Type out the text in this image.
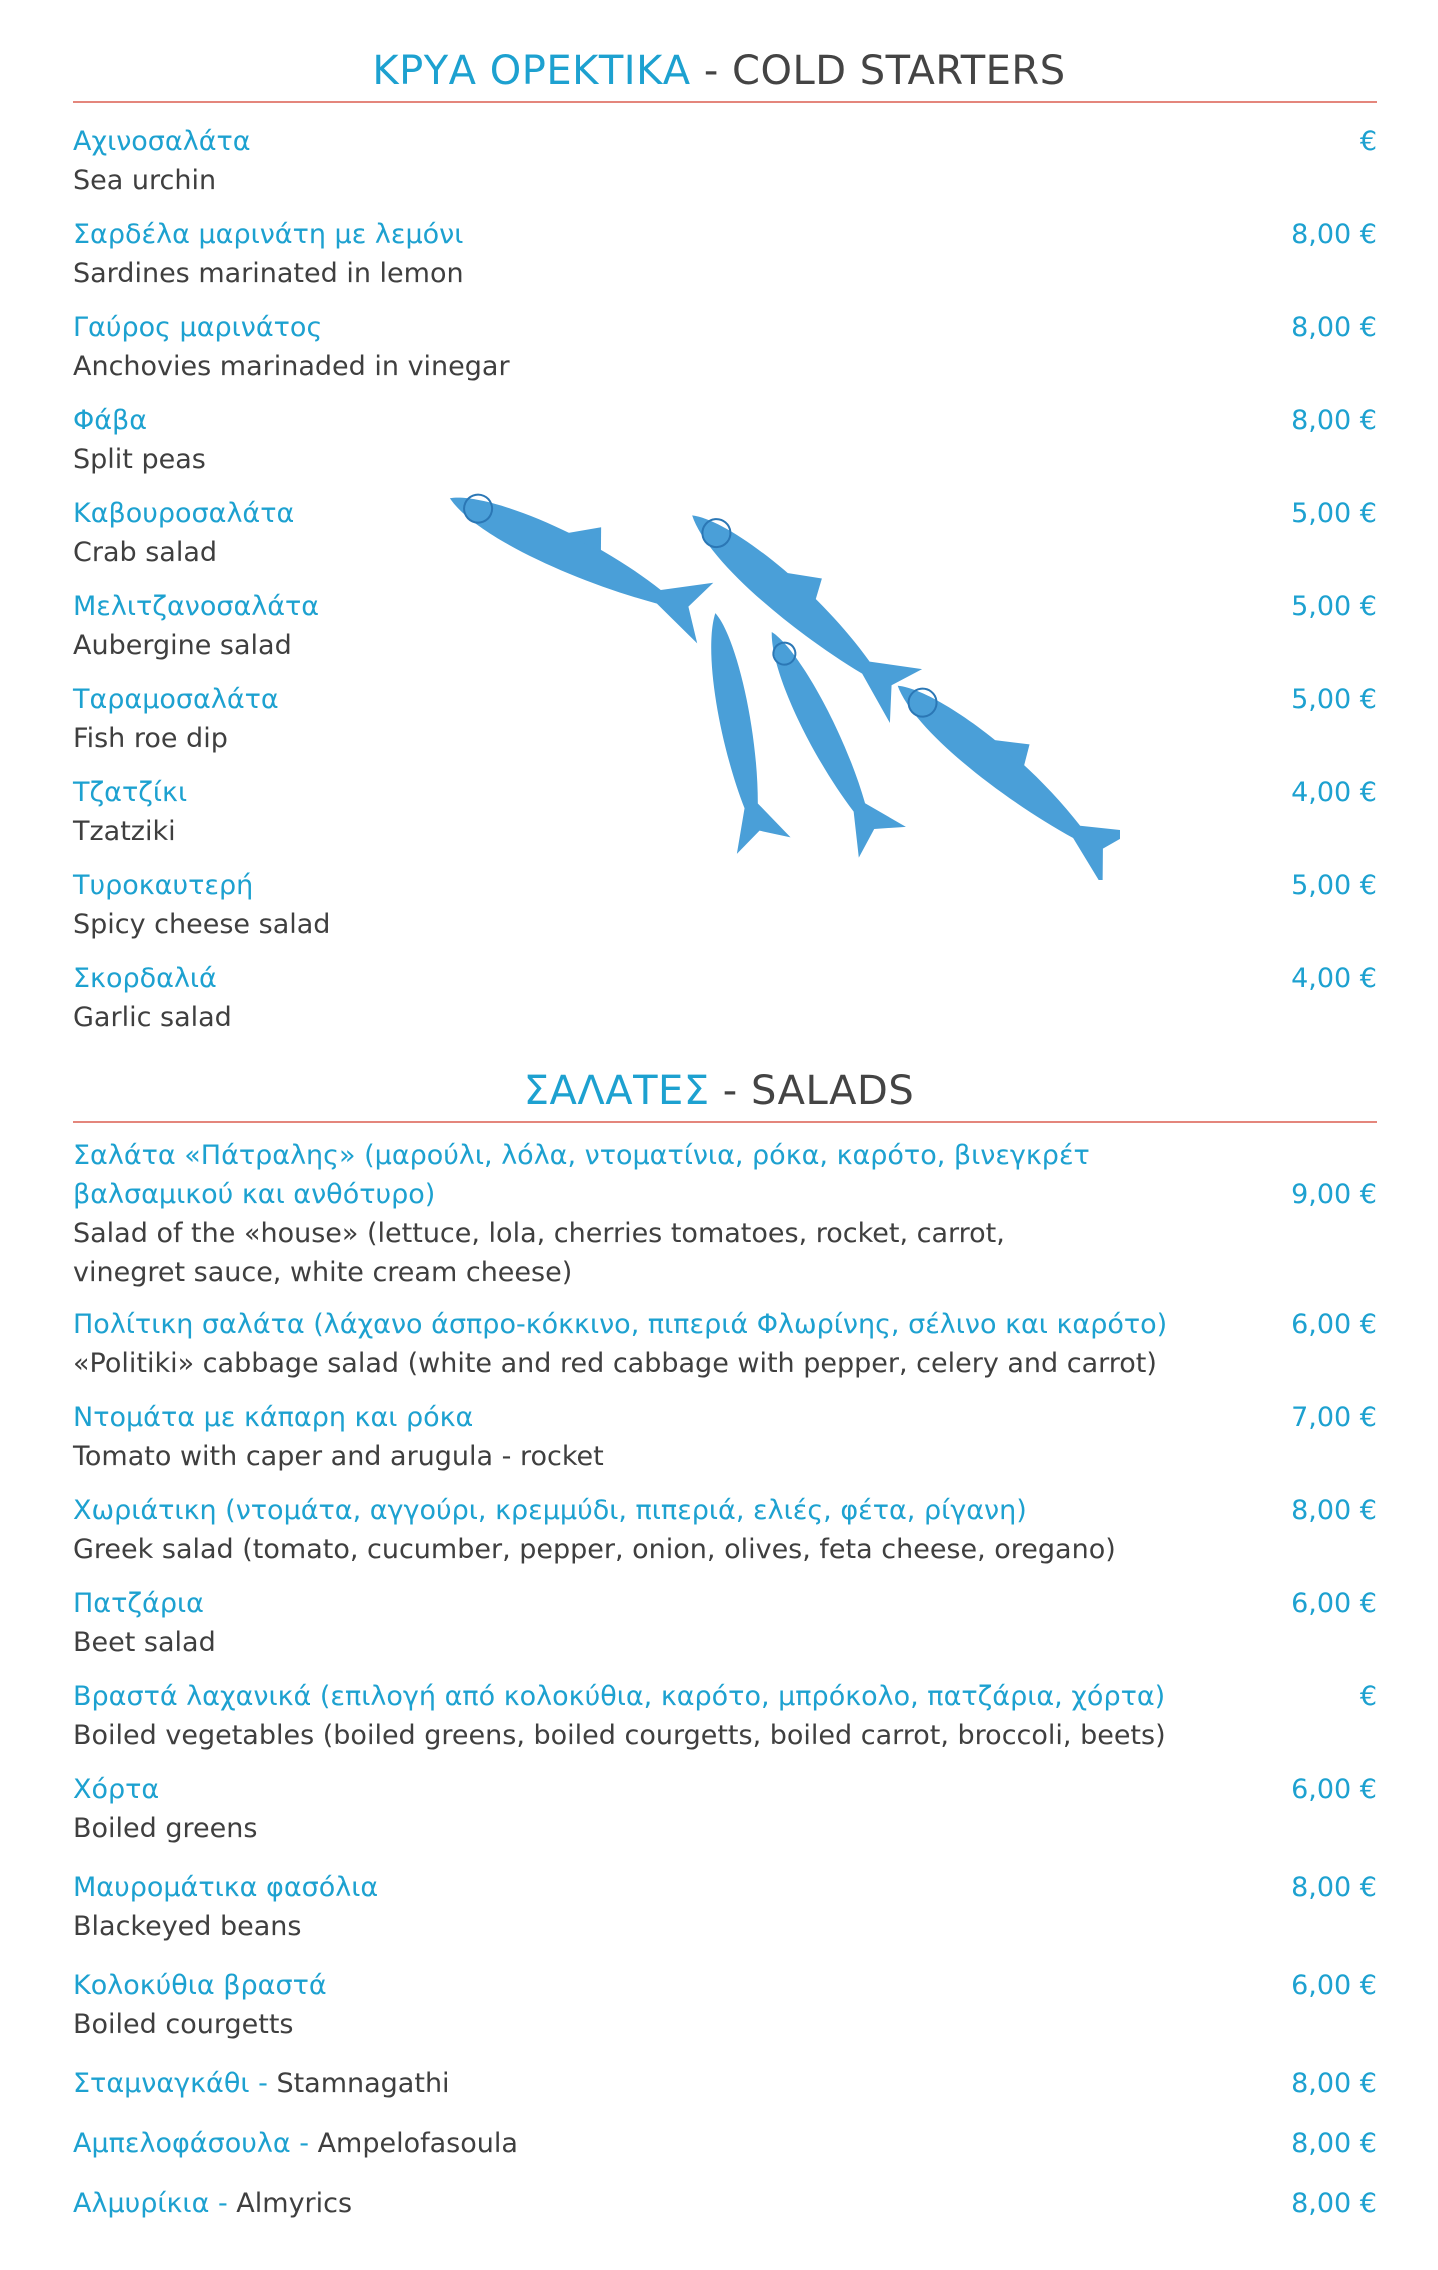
ΚΡΥΑ ΟΡΕΚΤΙΚΑ - COLD STARTERS
Αχινοσαλάτα	€
Sea urchin
Σαρδέλα μαρινάτη με λεμόνι	8,00 €
Sardines marinated in lemon
Γαύρος μαρινάτος	8,00 €
Anchovies marinaded in vinegar
Φάβα	8,00 €
Split peas
Καβουροσαλάτα	5,00 €
Crab salad
Μελιτζανοσαλάτα	5,00 €
Aubergine salad
Ταραμοσαλάτα	5,00 €
Fish roe dip
Τζατζίκι	4,00 €
Tzatziki
Τυροκαυτερή	5,00 €
Spicy cheese salad
Σκορδαλιά	4,00 €
Garlic salad
ΣΑΛΑΤΕΣ - SALADS
Σαλάτα «Πάτραλης» (μαρούλι, λόλα, ντοματίνια, ρόκα, καρότο, βινεγκρέτ
βαλσαμικού και ανθότυρο)	9,00 €
Salad of the «house» (lettuce, lola, cherries tomatoes, rocket, carrot,
vinegret sauce, white cream cheese)
Πολίτικη σαλάτα (λάχανο άσπρο-κόκκινο, πιπεριά Φλωρίνης, σέλινο και καρότο)	6,00 €
«Politiki» cabbage salad (white and red cabbage with pepper, celery and carrot)
Ντομάτα με κάπαρη και ρόκα	7,00 €
Tomato with caper and arugula - rocket
Χωριάτικη (ντομάτα, αγγούρι, κρεμμύδι, πιπεριά, ελιές, φέτα, ρίγανη)	8,00 €
Greek salad (tomato, cucumber, pepper, onion, olives, feta cheese, oregano)
Πατζάρια	6,00 €
Beet salad
Βραστά λαχανικά (επιλογή από κολοκύθια, καρότο, μπρόκολο, πατζάρια, χόρτα)	€
Boiled vegetables (boiled greens, boiled courgetts, boiled carrot, broccoli, beets)
Χόρτα	6,00 €
Boiled greens
Μαυρομάτικα φασόλια	8,00 €
Blackeyed beans
Κολοκύθια βραστά	6,00 €
Boiled courgetts
Σταμναγκάθι - Stamnagathi	8,00 €
Αμπελοφάσουλα - Ampelofasoula	8,00 €
Αλμυρίκια - Almyrics	8,00 €
